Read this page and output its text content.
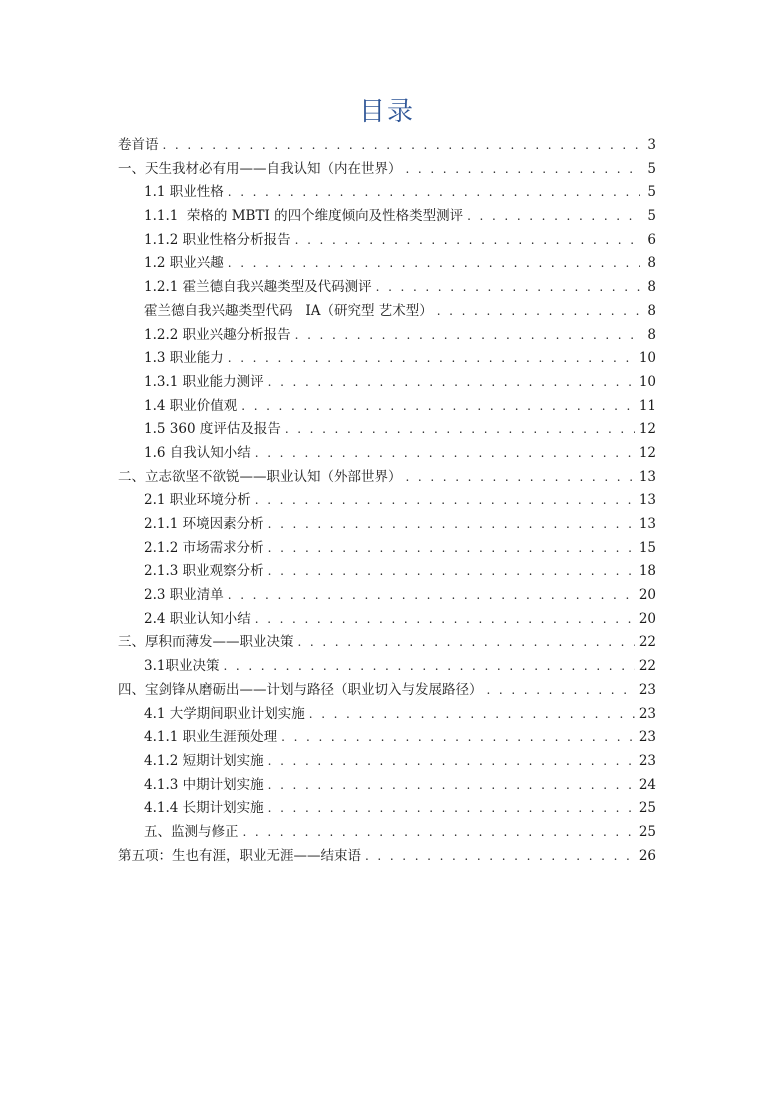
目录
卷首语 . . .	3
一、天生我材必有用——自我认知（内在世界） . . .	5
1.1 职业性格 . . .	5
1.1.1  荣格的 MBTI 的四个维度倾向及性格类型测评 . . .	5
1.1.2 职业性格分析报告 . . .	6
1.2 职业兴趣 . . .	8
1.2.1 霍兰德自我兴趣类型及代码测评 . . .	8
霍兰德自我兴趣类型代码   IA（研究型 艺术型） . . .	8
1.2.2 职业兴趣分析报告 . . .	8
1.3 职业能力 . . .	10
1.3.1 职业能力测评 . . .	10
1.4 职业价值观 . . .	11
1.5 360 度评估及报告 . . .	12
1.6 自我认知小结 . . .	12
二、立志欲坚不欲锐——职业认知（外部世界） . . .	13
2.1 职业环境分析 . . .	13
2.1.1 环境因素分析 . . .	13
2.1.2 市场需求分析 . . .	15
2.1.3 职业观察分析 . . .	18
2.3 职业清单 . . .	20
2.4 职业认知小结 . . .	20
三、厚积而薄发——职业决策 . . .	22
3.1职业决策 . . .	22
四、宝剑锋从磨砺出——计划与路径（职业切入与发展路径） . . .	23
4.1 大学期间职业计划实施 . . .	23
4.1.1 职业生涯预处理 . . .	23
4.1.2 短期计划实施 . . .	23
4.1.3 中期计划实施 . . .	24
4.1.4 长期计划实施 . . .	25
五、监测与修正 . . .	25
第五项：生也有涯，职业无涯——结束语 . . .	26
